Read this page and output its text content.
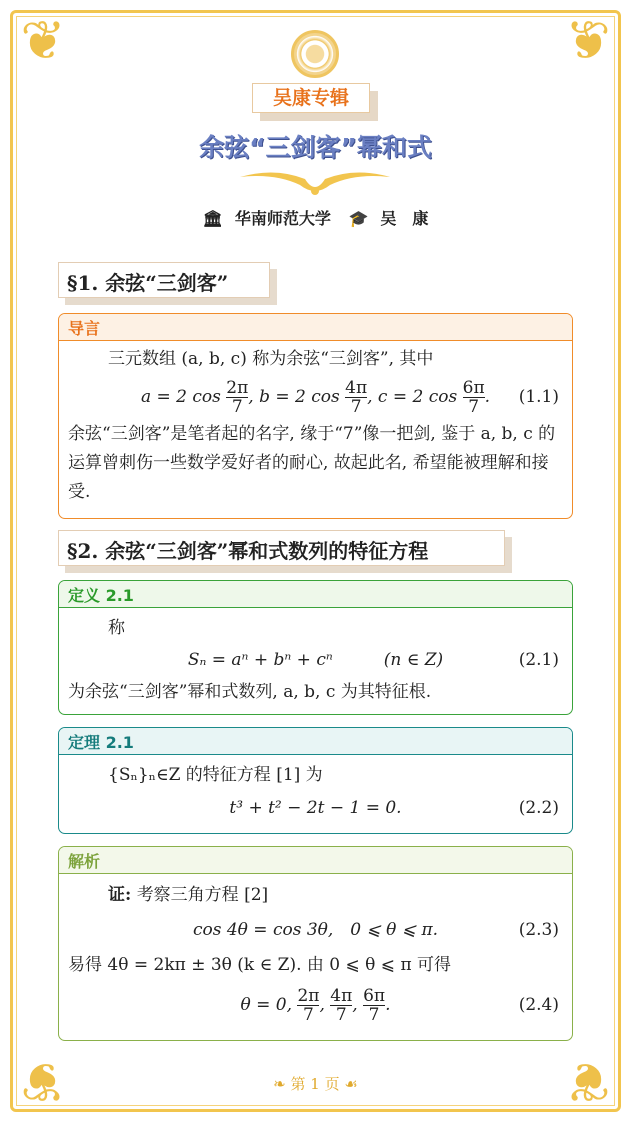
❦	❦
❦	❦
吴康专辑
余弦“三剑客”幂和式
🏛 华南师范大学 🎓 吴　康
§1. 余弦“三剑客”
导言
三元数组 (a, b, c) 称为余弦“三剑客”, 其中
a = 2 $\cos \frac{2\pi}{7}$ , b = 2 $\cos \frac{4\pi}{7}$ , c = 2 $\cos \frac{6\pi}{7}$ . (1.1)
余弦“三剑客”是笔者起的名字, 缘于“7”像一把剑, 鉴于 a, b, c 的运算曾刺伤一些数学爱好者的耐心, 故起此名, 希望能被理解和接受.
§2. 余弦“三剑客”幂和式数列的特征方程
定义 2.1
称
Sₙ = aⁿ + bⁿ + cⁿ　　　(n ∈ Z)	(2.1)
为余弦“三剑客”幂和式数列, a, b, c 为其特征根.
定理 2.1
{Sₙ}ₙ∈Z 的特征方程 [1] 为
t³ + t² − 2t − 1 = 0.	(2.2)
解析
证: 考察三角方程 [2]
cos 4θ = cos 3θ,　0 ⩽ θ ⩽ π.	(2.3)
易得 4θ = 2kπ ± 3θ (k ∈ Z). 由 0 ⩽ θ ⩽ π 可得
θ = 0, $\frac{2\pi}{7}$ , $\frac{4\pi}{7}$ , $\frac{6\pi}{7}$ .	(2.4)
❧ 第 1 页 ☙
